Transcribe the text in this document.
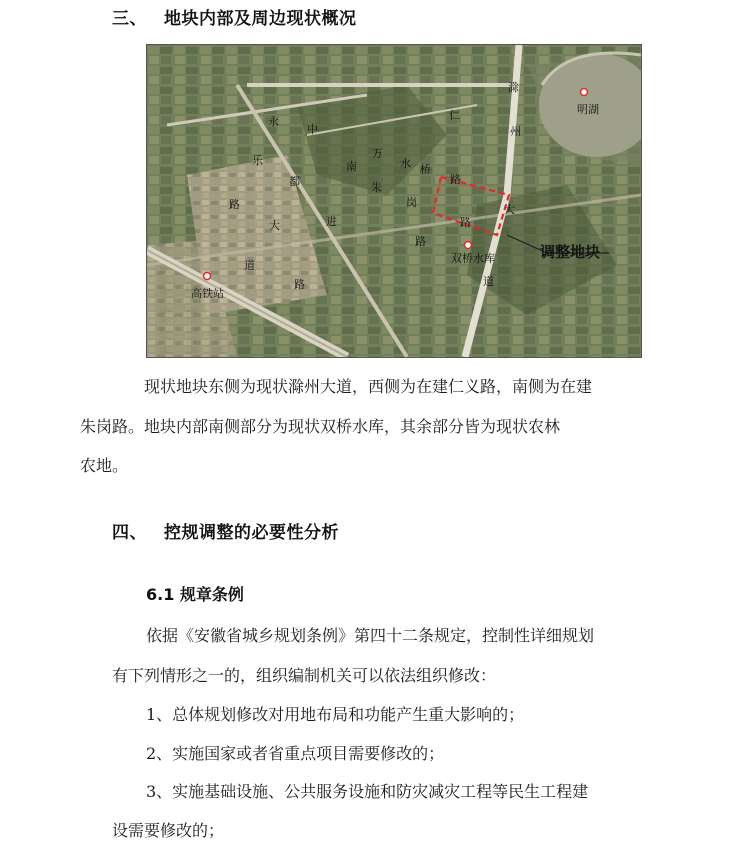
三、 地块内部及周边现状概况
永
中
乐
都
路
大
道
南
朱
岗
万
水 桥
路
进
路
路
路
滁
州
大
道
仁
高铁站
明湖
双桥水库	调整地块
现状地块东侧为现状滁州大道，西侧为在建仁义路，南侧为在建
朱岗路。地块内部南侧部分为现状双桥水库，其余部分皆为现状农林
农地。
四、 控规调整的必要性分析
6.1 规章条例
依据《安徽省城乡规划条例》第四十二条规定，控制性详细规划
有下列情形之一的，组织编制机关可以依法组织修改：
1、总体规划修改对用地布局和功能产生重大影响的；
2、实施国家或者省重点项目需要修改的；
3、实施基础设施、公共服务设施和防灾减灾工程等民生工程建
设需要修改的；
